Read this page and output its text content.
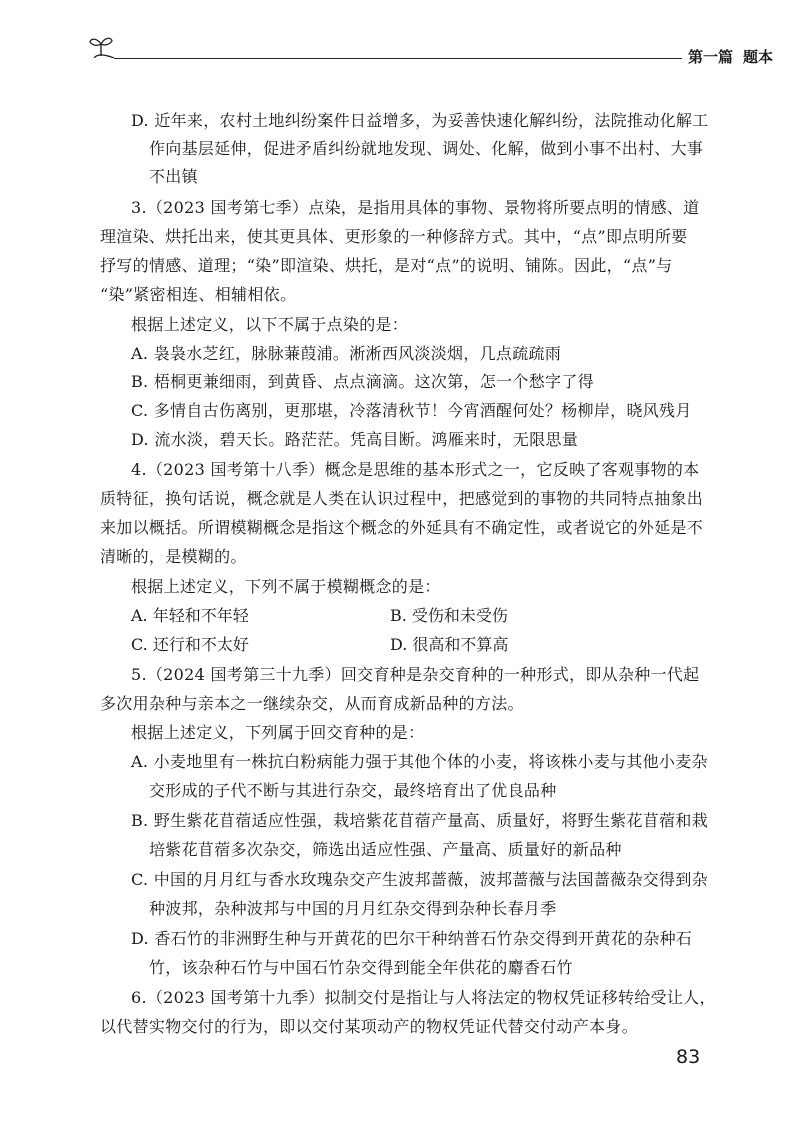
第一篇 题本
D. 近年来，农村土地纠纷案件日益增多，为妥善快速化解纠纷，法院推动化解工
作向基层延伸，促进矛盾纠纷就地发现、调处、化解，做到小事不出村、大事
不出镇
3.（2023 国考第七季）点染，是指用具体的事物、景物将所要点明的情感、道
理渲染、烘托出来，使其更具体、更形象的一种修辞方式。其中，“点”即点明所要
抒写的情感、道理；“染”即渲染、烘托，是对“点”的说明、铺陈。因此，“点”与
“染”紧密相连、相辅相依。
根据上述定义，以下不属于点染的是：
A. 袅袅水芝红，脉脉蒹葭浦。淅淅西风淡淡烟，几点疏疏雨
B. 梧桐更兼细雨，到黄昏、点点滴滴。这次第，怎一个愁字了得
C. 多情自古伤离别，更那堪，冷落清秋节！今宵酒醒何处？杨柳岸，晓风残月
D. 流水淡，碧天长。路茫茫。凭高目断。鸿雁来时，无限思量
4.（2023 国考第十八季）概念是思维的基本形式之一，它反映了客观事物的本
质特征，换句话说，概念就是人类在认识过程中，把感觉到的事物的共同特点抽象出
来加以概括。所谓模糊概念是指这个概念的外延具有不确定性，或者说它的外延是不
清晰的，是模糊的。
根据上述定义，下列不属于模糊概念的是：
A. 年轻和不年轻	B. 受伤和未受伤
C. 还行和不太好	D. 很高和不算高
5.（2024 国考第三十九季）回交育种是杂交育种的一种形式，即从杂种一代起
多次用杂种与亲本之一继续杂交，从而育成新品种的方法。
根据上述定义，下列属于回交育种的是：
A. 小麦地里有一株抗白粉病能力强于其他个体的小麦，将该株小麦与其他小麦杂
交形成的子代不断与其进行杂交，最终培育出了优良品种
B. 野生紫花苜蓿适应性强，栽培紫花苜蓿产量高、质量好，将野生紫花苜蓿和栽
培紫花苜蓿多次杂交，筛选出适应性强、产量高、质量好的新品种
C. 中国的月月红与香水玫瑰杂交产生波邦蔷薇，波邦蔷薇与法国蔷薇杂交得到杂
种波邦，杂种波邦与中国的月月红杂交得到杂种长春月季
D. 香石竹的非洲野生种与开黄花的巴尔干种纳普石竹杂交得到开黄花的杂种石
竹，该杂种石竹与中国石竹杂交得到能全年供花的麝香石竹
6.（2023 国考第十九季）拟制交付是指让与人将法定的物权凭证移转给受让人，
以代替实物交付的行为，即以交付某项动产的物权凭证代替交付动产本身。
83
